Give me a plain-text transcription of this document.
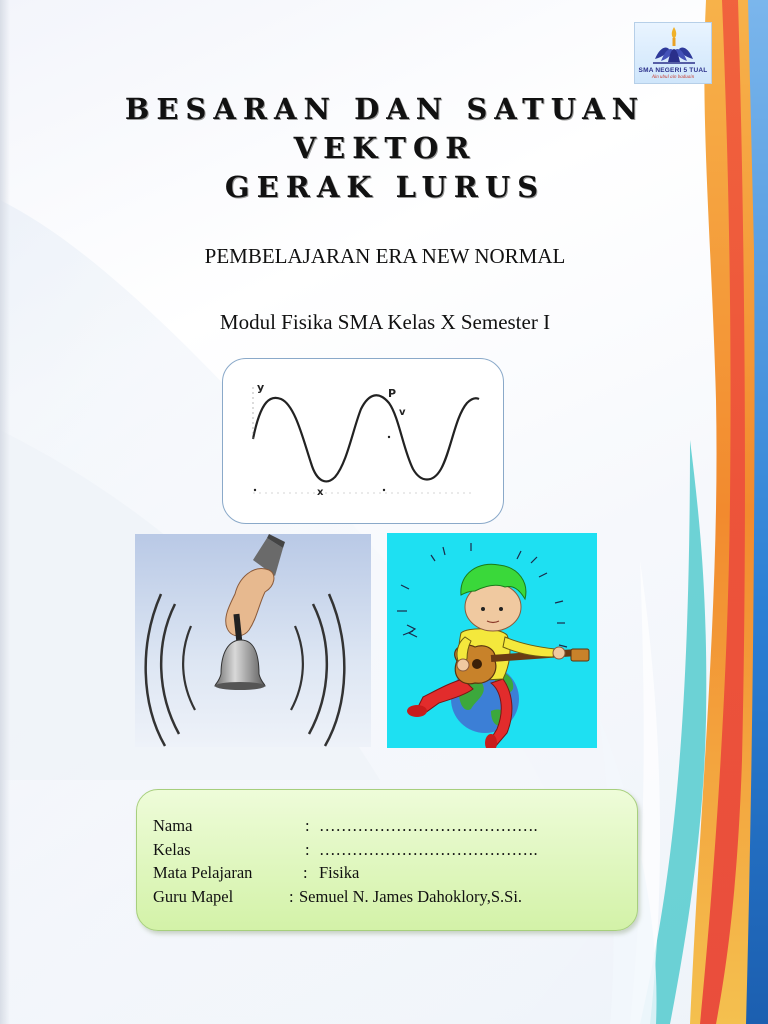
SMA NEGERI 5 TUAL
Ain ubul ain baduain
BESARAN DAN SATUAN
VEKTOR
GERAK LURUS
PEMBELAJARAN ERA NEW NORMAL
Modul Fisika SMA Kelas X Semester I
y	P
v
x
Nama	: ………………………………….
Kelas	: ………………………………….
Mata Pelajaran	: Fisika
Guru Mapel	: Semuel N. James Dahoklory,S.Si.
